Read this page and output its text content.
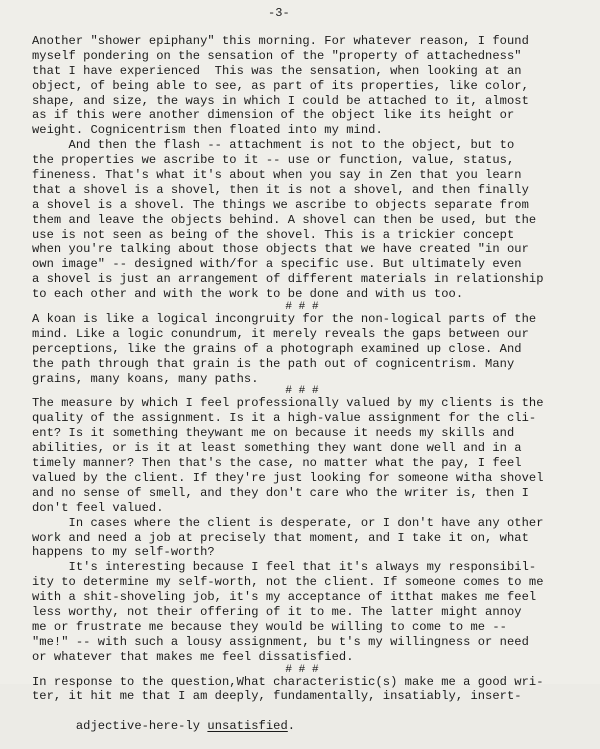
-3-
Another "shower epiphany" this morning. For whatever reason, I found
myself pondering on the sensation of the "property of attachedness"
that I have experienced  This was the sensation, when looking at an
object, of being able to see, as part of its properties, like color,
shape, and size, the ways in which I could be attached to it, almost
as if this were another dimension of the object like its height or
weight. Cognicentrism then floated into my mind.
And then the flash -- attachment is not to the object, but to
the properties we ascribe to it -- use or function, value, status,
fineness. That's what it's about when you say in Zen that you learn
that a shovel is a shovel, then it is not a shovel, and then finally
a shovel is a shovel. The things we ascribe to objects separate from
them and leave the objects behind. A shovel can then be used, but the
use is not seen as being of the shovel. This is a trickier concept
when you're talking about those objects that we have created "in our
own image" -- designed with/for a specific use. But ultimately even
a shovel is just an arrangement of different materials in relationship
to each other and with the work to be done and with us too.
# # #
A koan is like a logical incongruity for the non-logical parts of the
mind. Like a logic conundrum, it merely reveals the gaps between our
perceptions, like the grains of a photograph examined up close. And
the path through that grain is the path out of cognicentrism. Many
grains, many koans, many paths.
# # #
The measure by which I feel professionally valued by my clients is the
quality of the assignment. Is it a high-value assignment for the cli-
ent? Is it something theywant me on because it needs my skills and
abilities, or is it at least something they want done well and in a
timely manner? Then that's the case, no matter what the pay, I feel
valued by the client. If they're just looking for someone witha shovel
and no sense of smell, and they don't care who the writer is, then I
don't feel valued.
In cases where the client is desperate, or I don't have any other
work and need a job at precisely that moment, and I take it on, what
happens to my self-worth?
It's interesting because I feel that it's always my responsibil-
ity to determine my self-worth, not the client. If someone comes to me
with a shit-shoveling job, it's my acceptance of itthat makes me feel
less worthy, not their offering of it to me. The latter might annoy
me or frustrate me because they would be willing to come to me --
"me!" -- with such a lousy assignment, bu t's my willingness or need
or whatever that makes me feel dissatisfied.
# # #
In response to the question,What characteristic(s) make me a good wri-
ter, it hit me that I am deeply, fundamentally, insatiably, insert-

adjective-here-ly unsatisfied.
